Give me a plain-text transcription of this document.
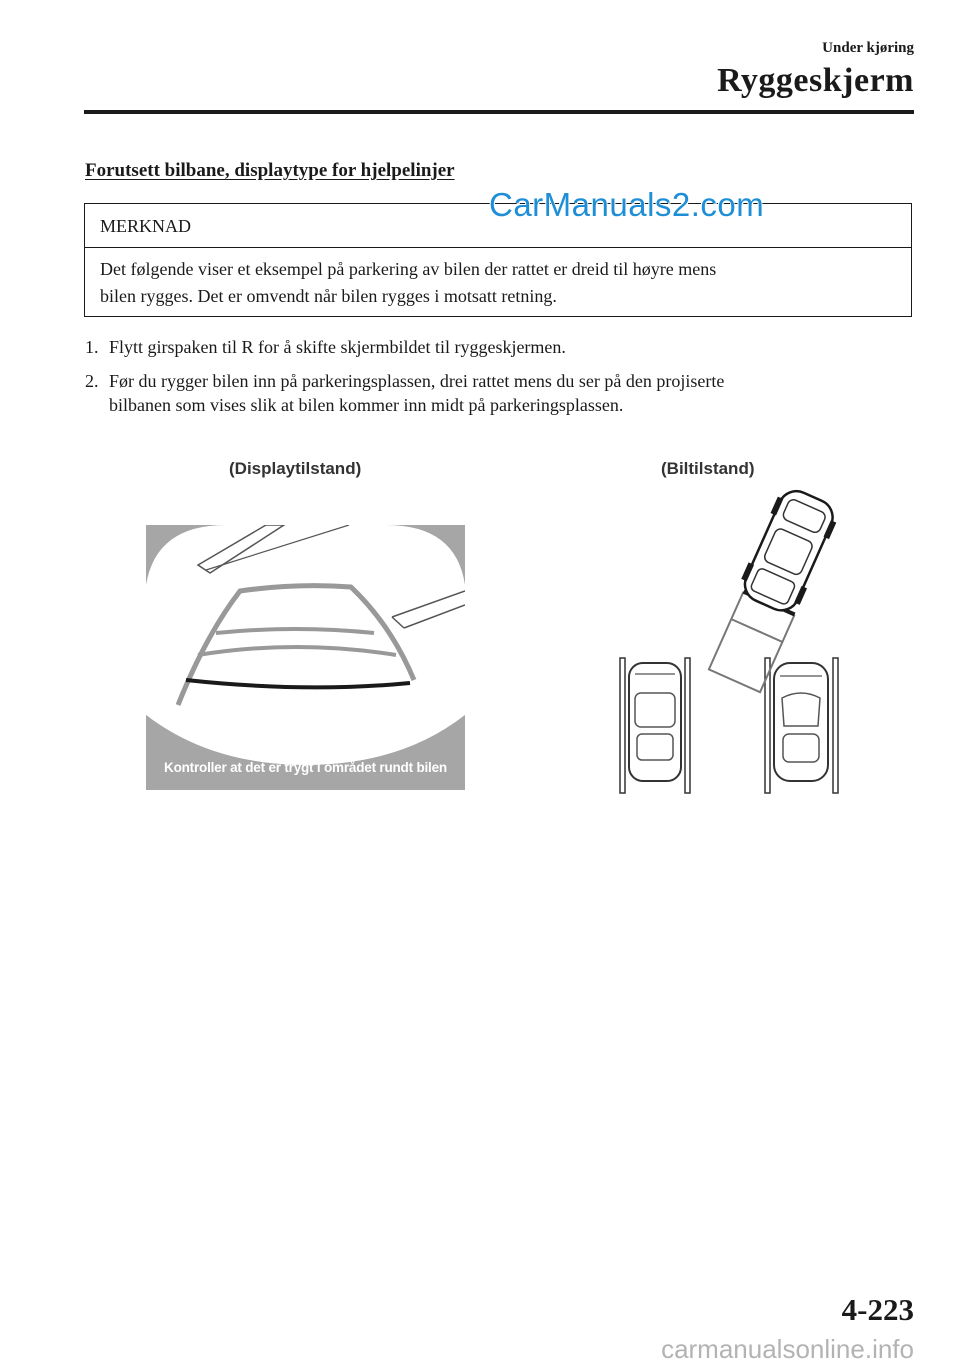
Under kjøring
Ryggeskjerm
Forutsett bilbane, displaytype for hjelpelinjer
MERKNAD
Det følgende viser et eksempel på parkering av bilen der rattet er dreid til høyre mens
bilen rygges. Det er omvendt når bilen rygges i motsatt retning.
CarManuals2.com
1. Flytt girspaken til R for å skifte skjermbildet til ryggeskjermen.
2. Før du rygger bilen inn på parkeringsplassen, drei rattet mens du ser på den projiserte
bilbanen som vises slik at bilen kommer inn midt på parkeringsplassen.
(Displaytilstand)	(Biltilstand)
Kontroller at det er trygt i området rundt bilen
4-223
carmanualsonline.info
